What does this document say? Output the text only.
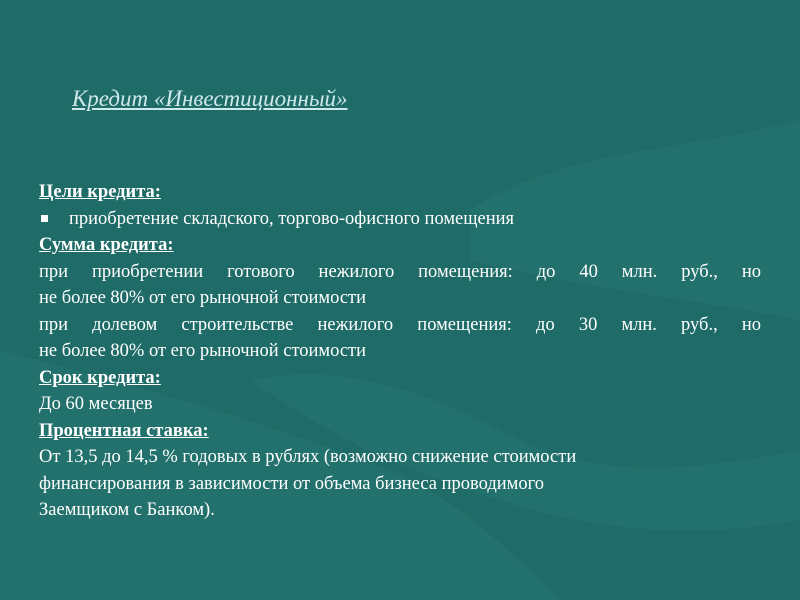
Кредит «Инвестиционный»

Цели кредита:

приобретение складского, торгово-офисного помещения

Сумма кредита:

при приобретении готового нежилого помещения: до 40 млн. руб., но

не более 80% от его рыночной стоимости

при долевом строительстве нежилого помещения: до 30 млн. руб., но

не более 80% от его рыночной стоимости

Срок кредита:

До 60 месяцев

Процентная ставка:

От 13,5 до 14,5 % годовых в рублях (возможно снижение стоимости

финансирования в зависимости от объема бизнеса проводимого

Заемщиком с Банком).
